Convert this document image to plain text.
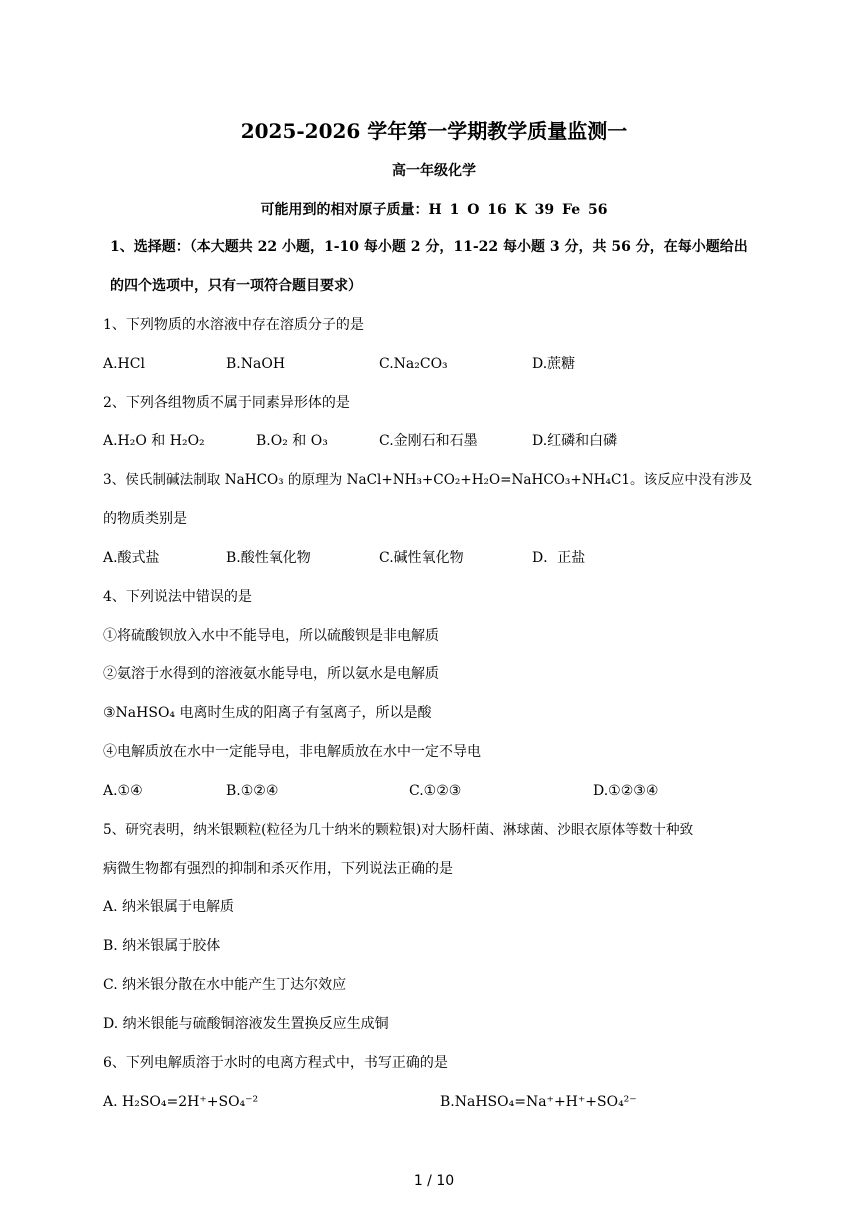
2025-2026 学年第一学期教学质量监测一
高一年级化学
可能用到的相对原子质量：H 1 O 16 K 39 Fe 56
1、选择题：（本大题共 22 小题，1-10 每小题 2 分，11-22 每小题 3 分，共 56 分，在每小题给出
的四个选项中，只有一项符合题目要求）
1、下列物质的水溶液中存在溶质分子的是
A.HCl	B.NaOH	C.Na₂CO₃	D.蔗糖
2、下列各组物质不属于同素异形体的是
A.H₂O 和 H₂O₂	B.O₂ 和 O₃	C.金刚石和石墨	D.红磷和白磷
3、侯氏制碱法制取 NaHCO₃ 的原理为 NaCl+NH₃+CO₂+H₂O=NaHCO₃+NH₄C1。该反应中没有涉及
的物质类别是
A.酸式盐	B.酸性氧化物	C.碱性氧化物	D．正盐
4、下列说法中错误的是
①将硫酸钡放入水中不能导电，所以硫酸钡是非电解质
②氨溶于水得到的溶液氨水能导电，所以氨水是电解质
③NaHSO₄ 电离时生成的阳离子有氢离子，所以是酸
④电解质放在水中一定能导电，非电解质放在水中一定不导电
A.①④	B.①②④	C.①②③	D.①②③④
5、研究表明，纳米银颗粒(粒径为几十纳米的颗粒银)对大肠杆菌、淋球菌、沙眼衣原体等数十种致
病微生物都有强烈的抑制和杀灭作用，下列说法正确的是
A. 纳米银属于电解质
B. 纳米银属于胶体
C. 纳米银分散在水中能产生丁达尔效应
D. 纳米银能与硫酸铜溶液发生置换反应生成铜
6、下列电解质溶于水时的电离方程式中，书写正确的是
A. H₂SO₄=2H⁺+SO₄⁻²	B.NaHSO₄=Na⁺+H⁺+SO₄²⁻
1 / 10
